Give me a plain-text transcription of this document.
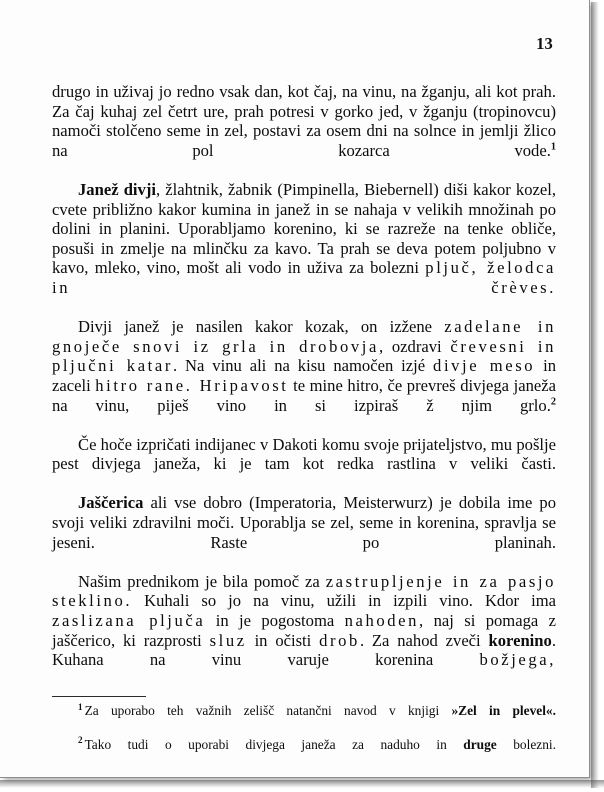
13

drugo in uživaj jo redno vsak dan, kot čaj, na vinu, na žganju, ali kot prah. Za čaj kuhaj zel četrt ure, prah potresi v gorko jed, v žganju (tropinovcu) namoči stolčeno seme in zel, postavi za osem dni na solnce in jemlji žlico na pol kozarca vode.$^1$

Janež divji, žlahtnik, žabnik (Pimpinella, Biebernell) diši kakor kozel, cvete približno kakor kumina in janež in se nahaja v velikih množinah po dolini in planini. Uporabljamo korenino, ki se razreže na tenke obliče, posuši in zmelje na mlinčku za kavo. Ta prah se deva potem poljubno v kavo, mleko, vino, mošt ali vodo in uživa za bolezni pljuč, želodca in črèves.

Divji janež je nasilen kakor kozak, on izžene zadelane in gnoječe snovi iz grla in drobovja, ozdravi črevesni in pljučni katar. Na vinu ali na kisu namočen izjé divje meso in zaceli hitro rane. Hripavost te mine hitro, če prevreš divjega janeža na vinu, piješ vino in si izpiraš ž njim grlo.$^2$

Če hoče izpričati indijanec v Dakoti komu svoje prijateljstvo, mu pošlje pest divjega janeža, ki je tam kot redka rastlina v veliki časti.

Jaščerica ali vse dobro (Imperatoria, Meisterwurz) je dobila ime po svoji veliki zdravilni moči. Uporablja se zel, seme in korenina, spravlja se jeseni. Raste po planinah.

Našim prednikom je bila pomoč za zastrupljenje in za pasjo steklino. Kuhali so jo na vinu, užili in izpili vino. Kdor ima zaslizana pljuča in je pogostoma nahoden, naj si pomaga z jaščerico, ki razprosti sluz in očisti drob. Za nahod zveči korenino. Kuhana na vinu varuje korenina božjega,

$^1$ Za uporabo teh važnih zelišč natančni navod v knjigi »Zel in plevel«.

$^2$ Tako tudi o uporabi divjega janeža za naduho in druge bolezni.
